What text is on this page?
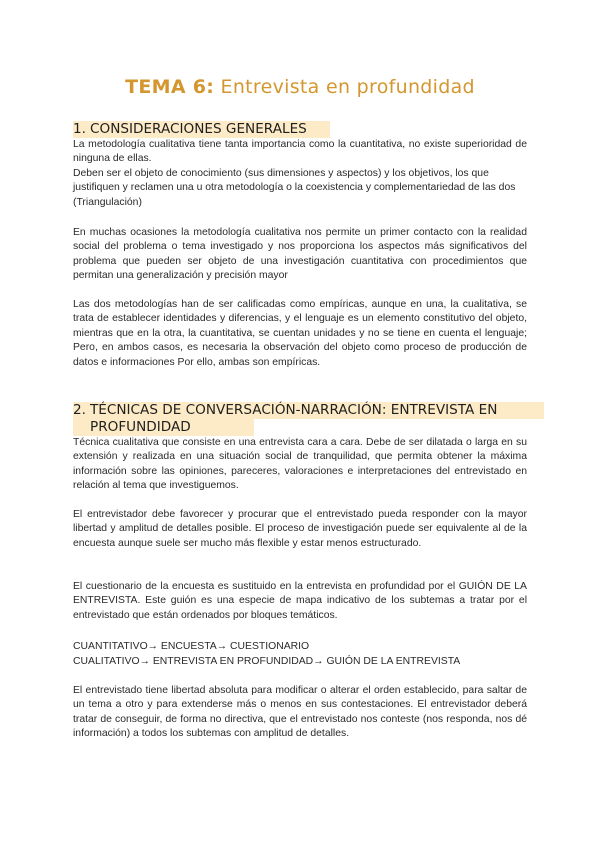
TEMA 6: Entrevista en profundidad
1. CONSIDERACIONES GENERALES

La metodología cualitativa tiene tanta importancia como la cuantitativa, no existe superioridad de ninguna de ellas.

Deben ser el objeto de conocimiento (sus dimensiones y aspectos) y los objetivos, los que justifiquen y reclamen una u otra metodología o la coexistencia y complementariedad de las dos (Triangulación)

En muchas ocasiones la metodología cualitativa nos permite un primer contacto con la realidad social del problema o tema investigado y nos proporciona los aspectos más significativos del problema que pueden ser objeto de una investigación cuantitativa con procedimientos que permitan una generalización y precisión mayor

Las dos metodologías han de ser calificadas como empíricas, aunque en una, la cualitativa, se trata de establecer identidades y diferencias, y el lenguaje es un elemento constitutivo del objeto, mientras que en la otra, la cuantitativa, se cuentan unidades y no se tiene en cuenta el lenguaje; Pero, en ambos casos, es necesaria la observación del objeto como proceso de producción de datos e informaciones Por ello, ambas son empíricas.

2. TÉCNICAS DE CONVERSACIÓN-NARRACIÓN: ENTREVISTA EN
PROFUNDIDAD

Técnica cualitativa que consiste en una entrevista cara a cara. Debe de ser dilatada o larga en su extensión y realizada en una situación social de tranquilidad, que permita obtener la máxima información sobre las opiniones, pareceres, valoraciones e interpretaciones del entrevistado en relación al tema que investiguemos.

El entrevistador debe favorecer y procurar que el entrevistado pueda responder con la mayor libertad y amplitud de detalles posible. El proceso de investigación puede ser equivalente al de la encuesta aunque suele ser mucho más flexible y estar menos estructurado.

El cuestionario de la encuesta es sustituido en la entrevista en profundidad por el GUIÓN DE LA ENTREVISTA. Este guión es una especie de mapa indicativo de los subtemas a tratar por el entrevistado que están ordenados por bloques temáticos.

CUANTITATIVO→ ENCUESTA→ CUESTIONARIO

CUALITATIVO→ ENTREVISTA EN PROFUNDIDAD→ GUIÓN DE LA ENTREVISTA

El entrevistado tiene libertad absoluta para modificar o alterar el orden establecido, para saltar de un tema a otro y para extenderse más o menos en sus contestaciones. El entrevistador deberá tratar de conseguir, de forma no directiva, que el entrevistado nos conteste (nos responda, nos dé información) a todos los subtemas con amplitud de detalles.
